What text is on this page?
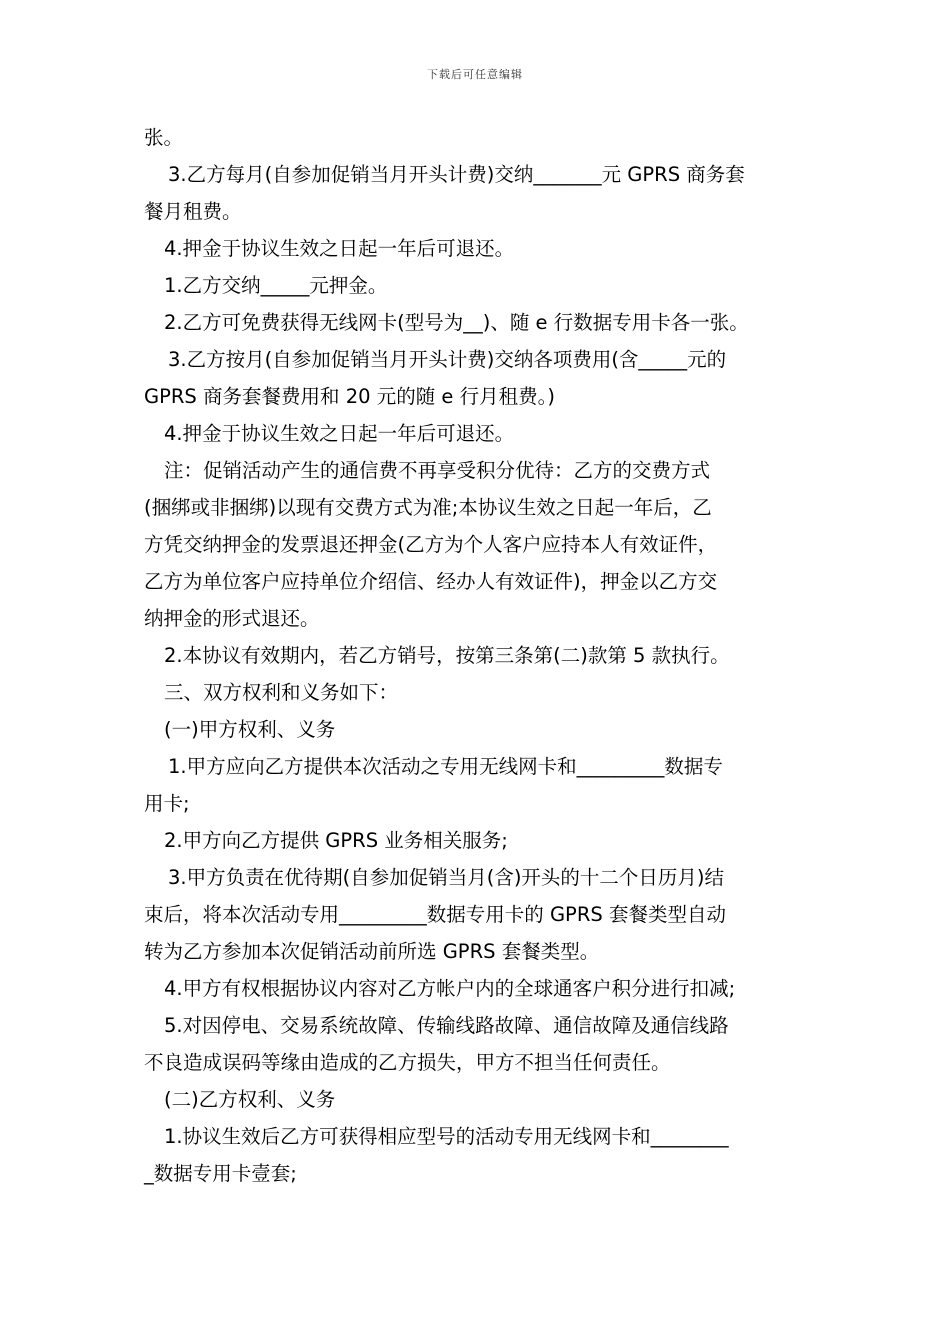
下载后可任意编辑
张。
3.乙方每月(自参加促销当月开头计费)交纳_______元 GPRS 商务套
餐月租费。
4.押金于协议生效之日起一年后可退还。
1.乙方交纳_____元押金。
2.乙方可免费获得无线网卡(型号为__)、随 e 行数据专用卡各一张。
3.乙方按月(自参加促销当月开头计费)交纳各项费用(含_____元的
GPRS 商务套餐费用和 20 元的随 e 行月租费。)
4.押金于协议生效之日起一年后可退还。
注：促销活动产生的通信费不再享受积分优待：乙方的交费方式
(捆绑或非捆绑)以现有交费方式为准;本协议生效之日起一年后，乙
方凭交纳押金的发票退还押金(乙方为个人客户应持本人有效证件，
乙方为单位客户应持单位介绍信、经办人有效证件)，押金以乙方交
纳押金的形式退还。
2.本协议有效期内，若乙方销号，按第三条第(二)款第 5 款执行。
三、双方权利和义务如下：
(一)甲方权利、义务
1.甲方应向乙方提供本次活动之专用无线网卡和_________数据专
用卡;
2.甲方向乙方提供 GPRS 业务相关服务;
3.甲方负责在优待期(自参加促销当月(含)开头的十二个日历月)结
束后，将本次活动专用_________数据专用卡的 GPRS 套餐类型自动
转为乙方参加本次促销活动前所选 GPRS 套餐类型。
4.甲方有权根据协议内容对乙方帐户内的全球通客户积分进行扣减;
5.对因停电、交易系统故障、传输线路故障、通信故障及通信线路
不良造成误码等缘由造成的乙方损失，甲方不担当任何责任。
(二)乙方权利、义务
1.协议生效后乙方可获得相应型号的活动专用无线网卡和________
_数据专用卡壹套;
